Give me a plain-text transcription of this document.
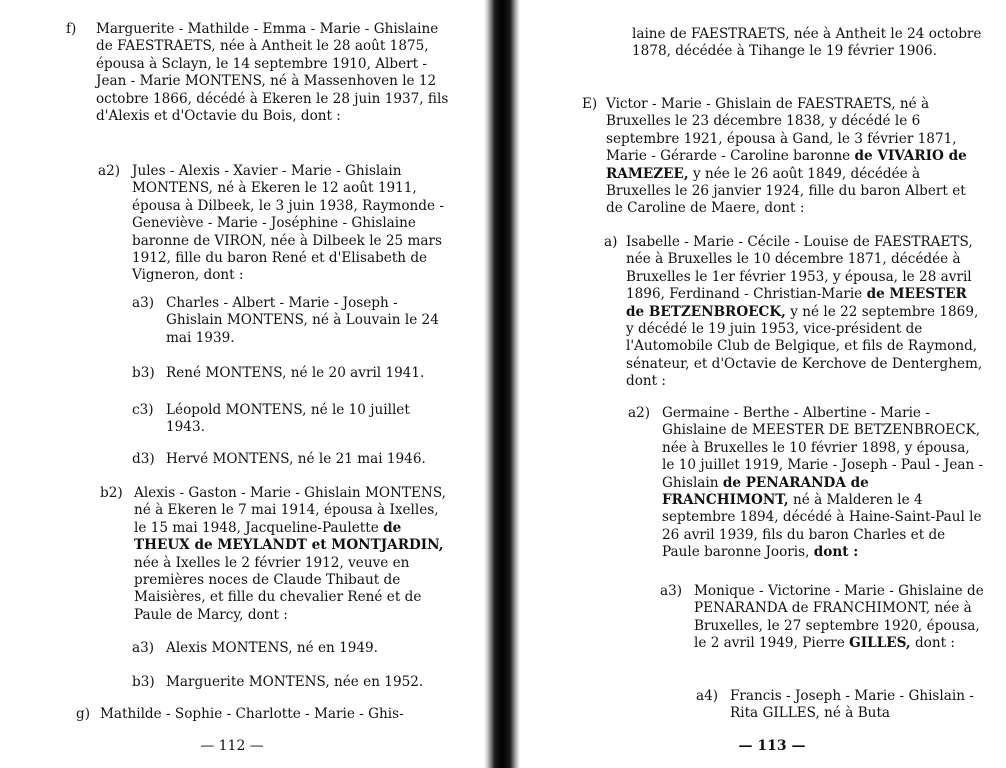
f) Marguerite - Mathilde - Emma - Marie - Ghislaine de FAESTRAETS, née à Antheit le 28 août 1875, épousa à Sclayn, le 14 septembre 1910, Albert - Jean - Marie MONTENS, né à Massenhoven le 12 octobre 1866, décédé à Ekeren le 28 juin 1937, fils d'Alexis et d'Octavie du Bois, dont :

a2) Jules - Alexis - Xavier - Marie - Ghislain MONTENS, né à Ekeren le 12 août 1911, épousa à Dilbeek, le 3 juin 1938, Raymonde - Geneviève - Marie - Joséphine - Ghislaine baronne de VIRON, née à Dilbeek le 25 mars 1912, fille du baron René et d'Elisabeth de Vigneron, dont :

a3) Charles - Albert - Marie - Joseph - Ghislain MONTENS, né à Louvain le 24 mai 1939.

b3) René MONTENS, né le 20 avril 1941.

c3) Léopold MONTENS, né le 10 juillet 1943.

d3) Hervé MONTENS, né le 21 mai 1946.

b2) Alexis - Gaston - Marie - Ghislain MONTENS, né à Ekeren le 7 mai 1914, épousa à Ixelles, le 15 mai 1948, Jacqueline-Paulette de THEUX de MEYLANDT et MONTJARDIN, née à Ixelles le 2 février 1912, veuve en premières noces de Claude Thibaut de Maisières, et fille du chevalier René et de Paule de Marcy, dont :

a3) Alexis MONTENS, né en 1949.

b3) Marguerite MONTENS, née en 1952.

g) Mathilde - Sophie - Charlotte - Marie - Ghis-

— 112 —

laine de FAESTRAETS, née à Antheit le 24 octobre 1878, décédée à Tihange le 19 février 1906.

E) Victor - Marie - Ghislain de FAESTRAETS, né à Bruxelles le 23 décembre 1838, y décédé le 6 septembre 1921, épousa à Gand, le 3 février 1871, Marie - Gérarde - Caroline baronne de VIVARIO de RAMEZEE, y née le 26 août 1849, décédée à Bruxelles le 26 janvier 1924, fille du baron Albert et de Caroline de Maere, dont :

a) Isabelle - Marie - Cécile - Louise de FAESTRAETS, née à Bruxelles le 10 décembre 1871, décédée à Bruxelles le 1er février 1953, y épousa, le 28 avril 1896, Ferdinand - Christian-Marie de MEESTER de BETZENBROECK, y né le 22 septembre 1869, y décédé le 19 juin 1953, vice-président de l'Automobile Club de Belgique, et fils de Raymond, sénateur, et d'Octavie de Kerchove de Denterghem, dont :

a2) Germaine - Berthe - Albertine - Marie - Ghislaine de MEESTER DE BETZENBROECK, née à Bruxelles le 10 février 1898, y épousa, le 10 juillet 1919, Marie - Joseph - Paul - Jean - Ghislain de PENARANDA de FRANCHIMONT, né à Malderen le 4 septembre 1894, décédé à Haine-Saint-Paul le 26 avril 1939, fils du baron Charles et de Paule baronne Jooris, dont :

a3) Monique - Victorine - Marie - Ghislaine de PENARANDA de FRANCHIMONT, née à Bruxelles, le 27 septembre 1920, épousa, le 2 avril 1949, Pierre GILLES, dont :

a4) Francis - Joseph - Marie - Ghislain - Rita GILLES, né à Buta

— 113 —
